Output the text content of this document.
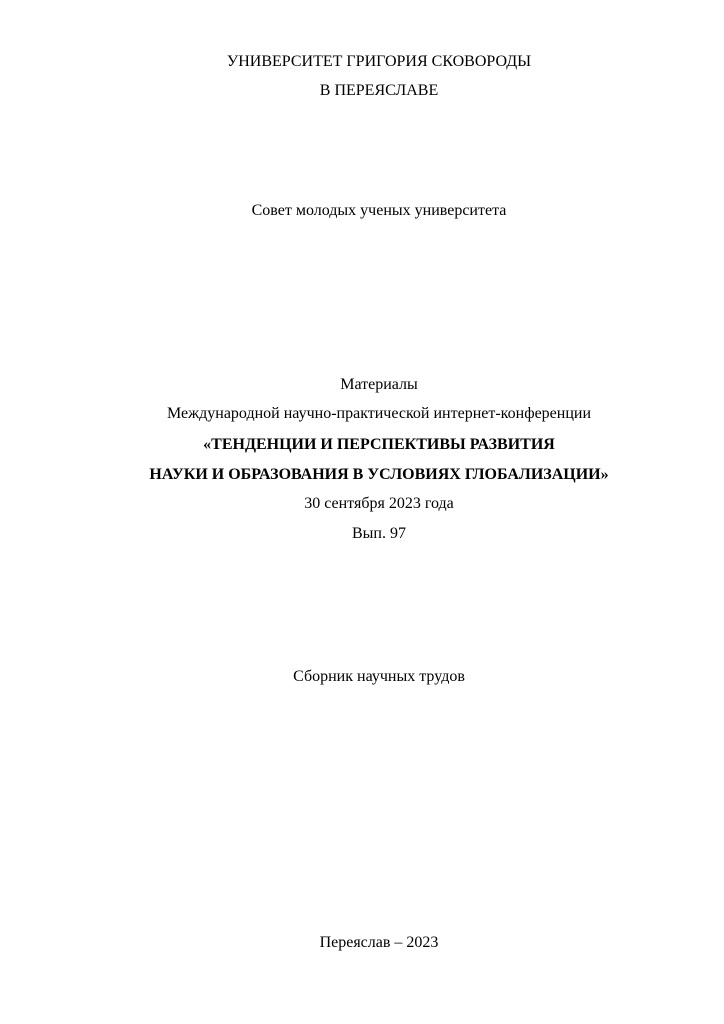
УНИВЕРСИТЕТ ГРИГОРИЯ СКОВОРОДЫ
В ПЕРЕЯСЛАВЕ
Совет молодых ученых университета
Материалы
Международной научно-практической интернет-конференции
«ТЕНДЕНЦИИ И ПЕРСПЕКТИВЫ РАЗВИТИЯ
НАУКИ И ОБРАЗОВАНИЯ В УСЛОВИЯХ ГЛОБАЛИЗАЦИИ»
30 сентября 2023 года
Вып. 97
Сборник научных трудов
Переяслав – 2023
